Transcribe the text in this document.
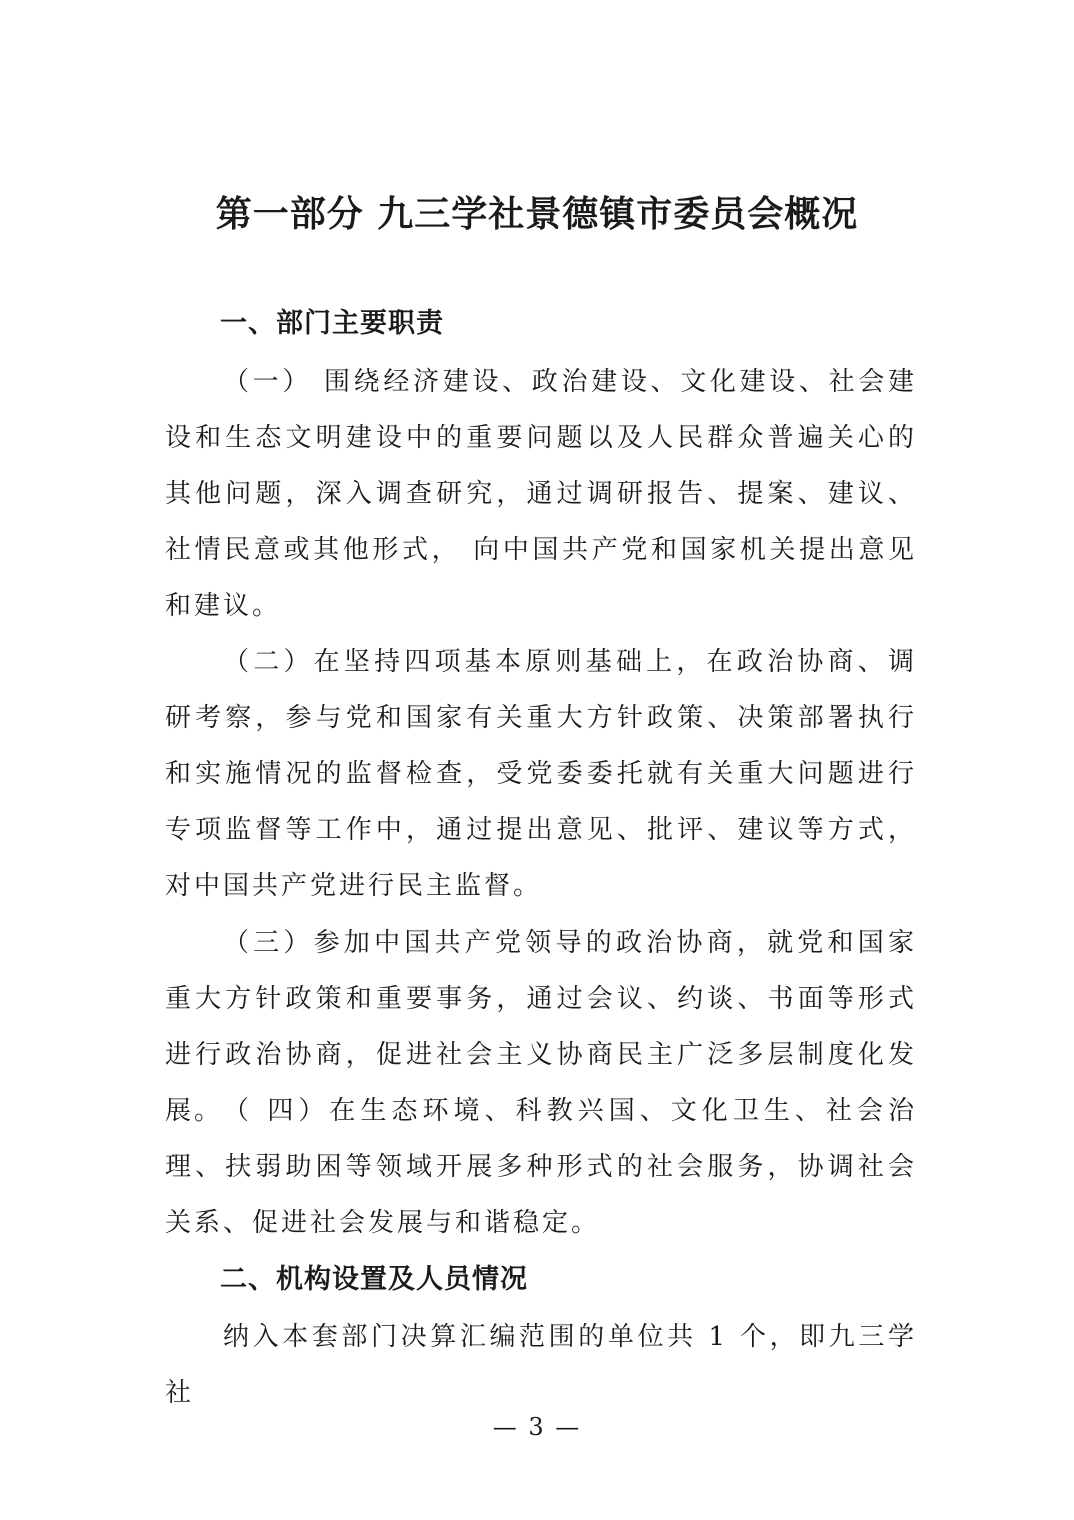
第一部分 九三学社景德镇市委员会概况
一、部门主要职责

（一） 围绕经济建设、政治建设、文化建设、社会建设和生态文明建设中的重要问题以及人民群众普遍关心的其他问题，深入调查研究，通过调研报告、提案、建议、社情民意或其他形式， 向中国共产党和国家机关提出意见和建议。

（二）在坚持四项基本原则基础上，在政治协商、调研考察，参与党和国家有关重大方针政策、决策部署执行和实施情况的监督检查，受党委委托就有关重大问题进行专项监督等工作中，通过提出意见、批评、建议等方式，对中国共产党进行民主监督。

（三）参加中国共产党领导的政治协商，就党和国家重大方针政策和重要事务，通过会议、约谈、书面等形式进行政治协商，促进社会主义协商民主广泛多层制度化发展。 （ 四）在生态环境、科教兴国、文化卫生、社会治理、扶弱助困等领域开展多种形式的社会服务，协调社会关系、促进社会发展与和谐稳定。

二、机构设置及人员情况

纳入本套部门决算汇编范围的单位共 1 个，即九三学社

— 3 —
